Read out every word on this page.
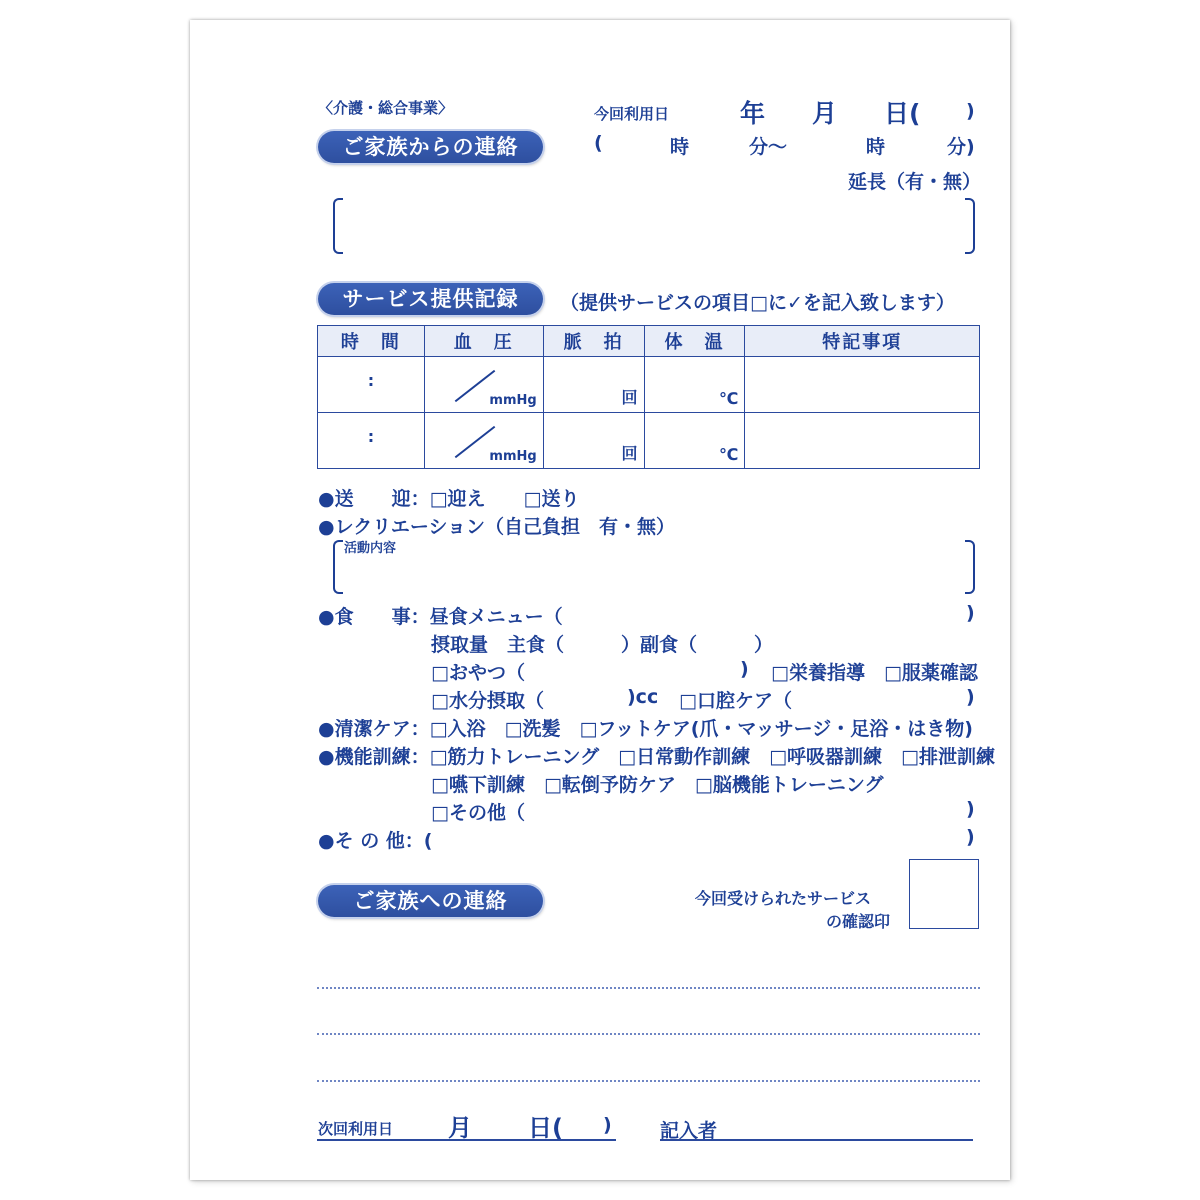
〈介護・総合事業〉	今回利用日	年 月 日( )
(	時	分～	時	分)
延長（有・無）
ご家族からの連絡
サービス提供記録	（提供サービスの項目□に✓を記入致します）
時　間	血　圧	脈　拍	体　温	特記事項

:	mmHg	回	℃	

:	mmHg	回	℃	

●送　　迎：□迎え　　□送り
●レクリエーション（自己負担　有・無）
活動内容
●食　　事：昼食メニュー（	)
摂取量　主食（　　　）副食（　　　）
□おやつ（	) □栄養指導　□服薬確認
□水分摂取（	)cc □口腔ケア（	)
●清潔ケア：□入浴　□洗髪　□フットケア(爪・マッサージ・足浴・はき物)
●機能訓練：□筋力トレーニング　□日常動作訓練　□呼吸器訓練　□排泄訓練
□嚥下訓練　□転倒予防ケア　□脳機能トレーニング
□その他（	)
●そ の 他：(	)
ご家族への連絡	今回受けられたサービス
の確認印
次回利用日 月 日( )	記入者
